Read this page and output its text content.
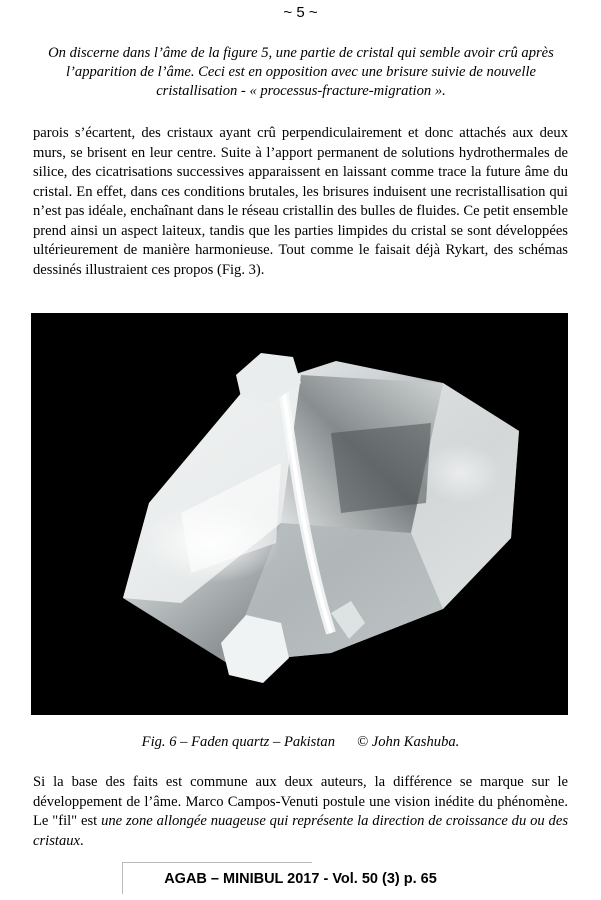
~ 5 ~
On discerne dans l’âme de la figure 5, une partie de cristal qui semble avoir crû après l’apparition de l’âme. Ceci est en opposition avec une brisure suivie de nouvelle cristallisation - « processus-fracture-migration ».

parois s’écartent, des cristaux ayant crû perpendiculairement et donc attachés aux deux murs, se brisent en leur centre. Suite à l’apport permanent de solutions hydrothermales de silice, des cicatrisations successives apparaissent en laissant comme trace la future âme du cristal. En effet, dans ces conditions brutales, les brisures induisent une recristallisation qui n’est pas idéale, enchaînant dans le réseau cristallin des bulles de fluides. Ce petit ensemble prend ainsi un aspect laiteux, tandis que les parties limpides du cristal se sont développées ultérieurement de manière harmonieuse. Tout comme le faisait déjà Rykart, des schémas dessinés illustraient ces propos (Fig. 3).

Fig. 6 – Faden quartz – Pakistan © John Kashuba.

Si la base des faits est commune aux deux auteurs, la différence se marque sur le développement de l’âme. Marco Campos-Venuti postule une vision inédite du phénomène. Le "fil" est une zone allongée nuageuse qui représente la direction de croissance du ou des cristaux.

AGAB – MINIBUL 2017 - Vol. 50 (3) p. 65
